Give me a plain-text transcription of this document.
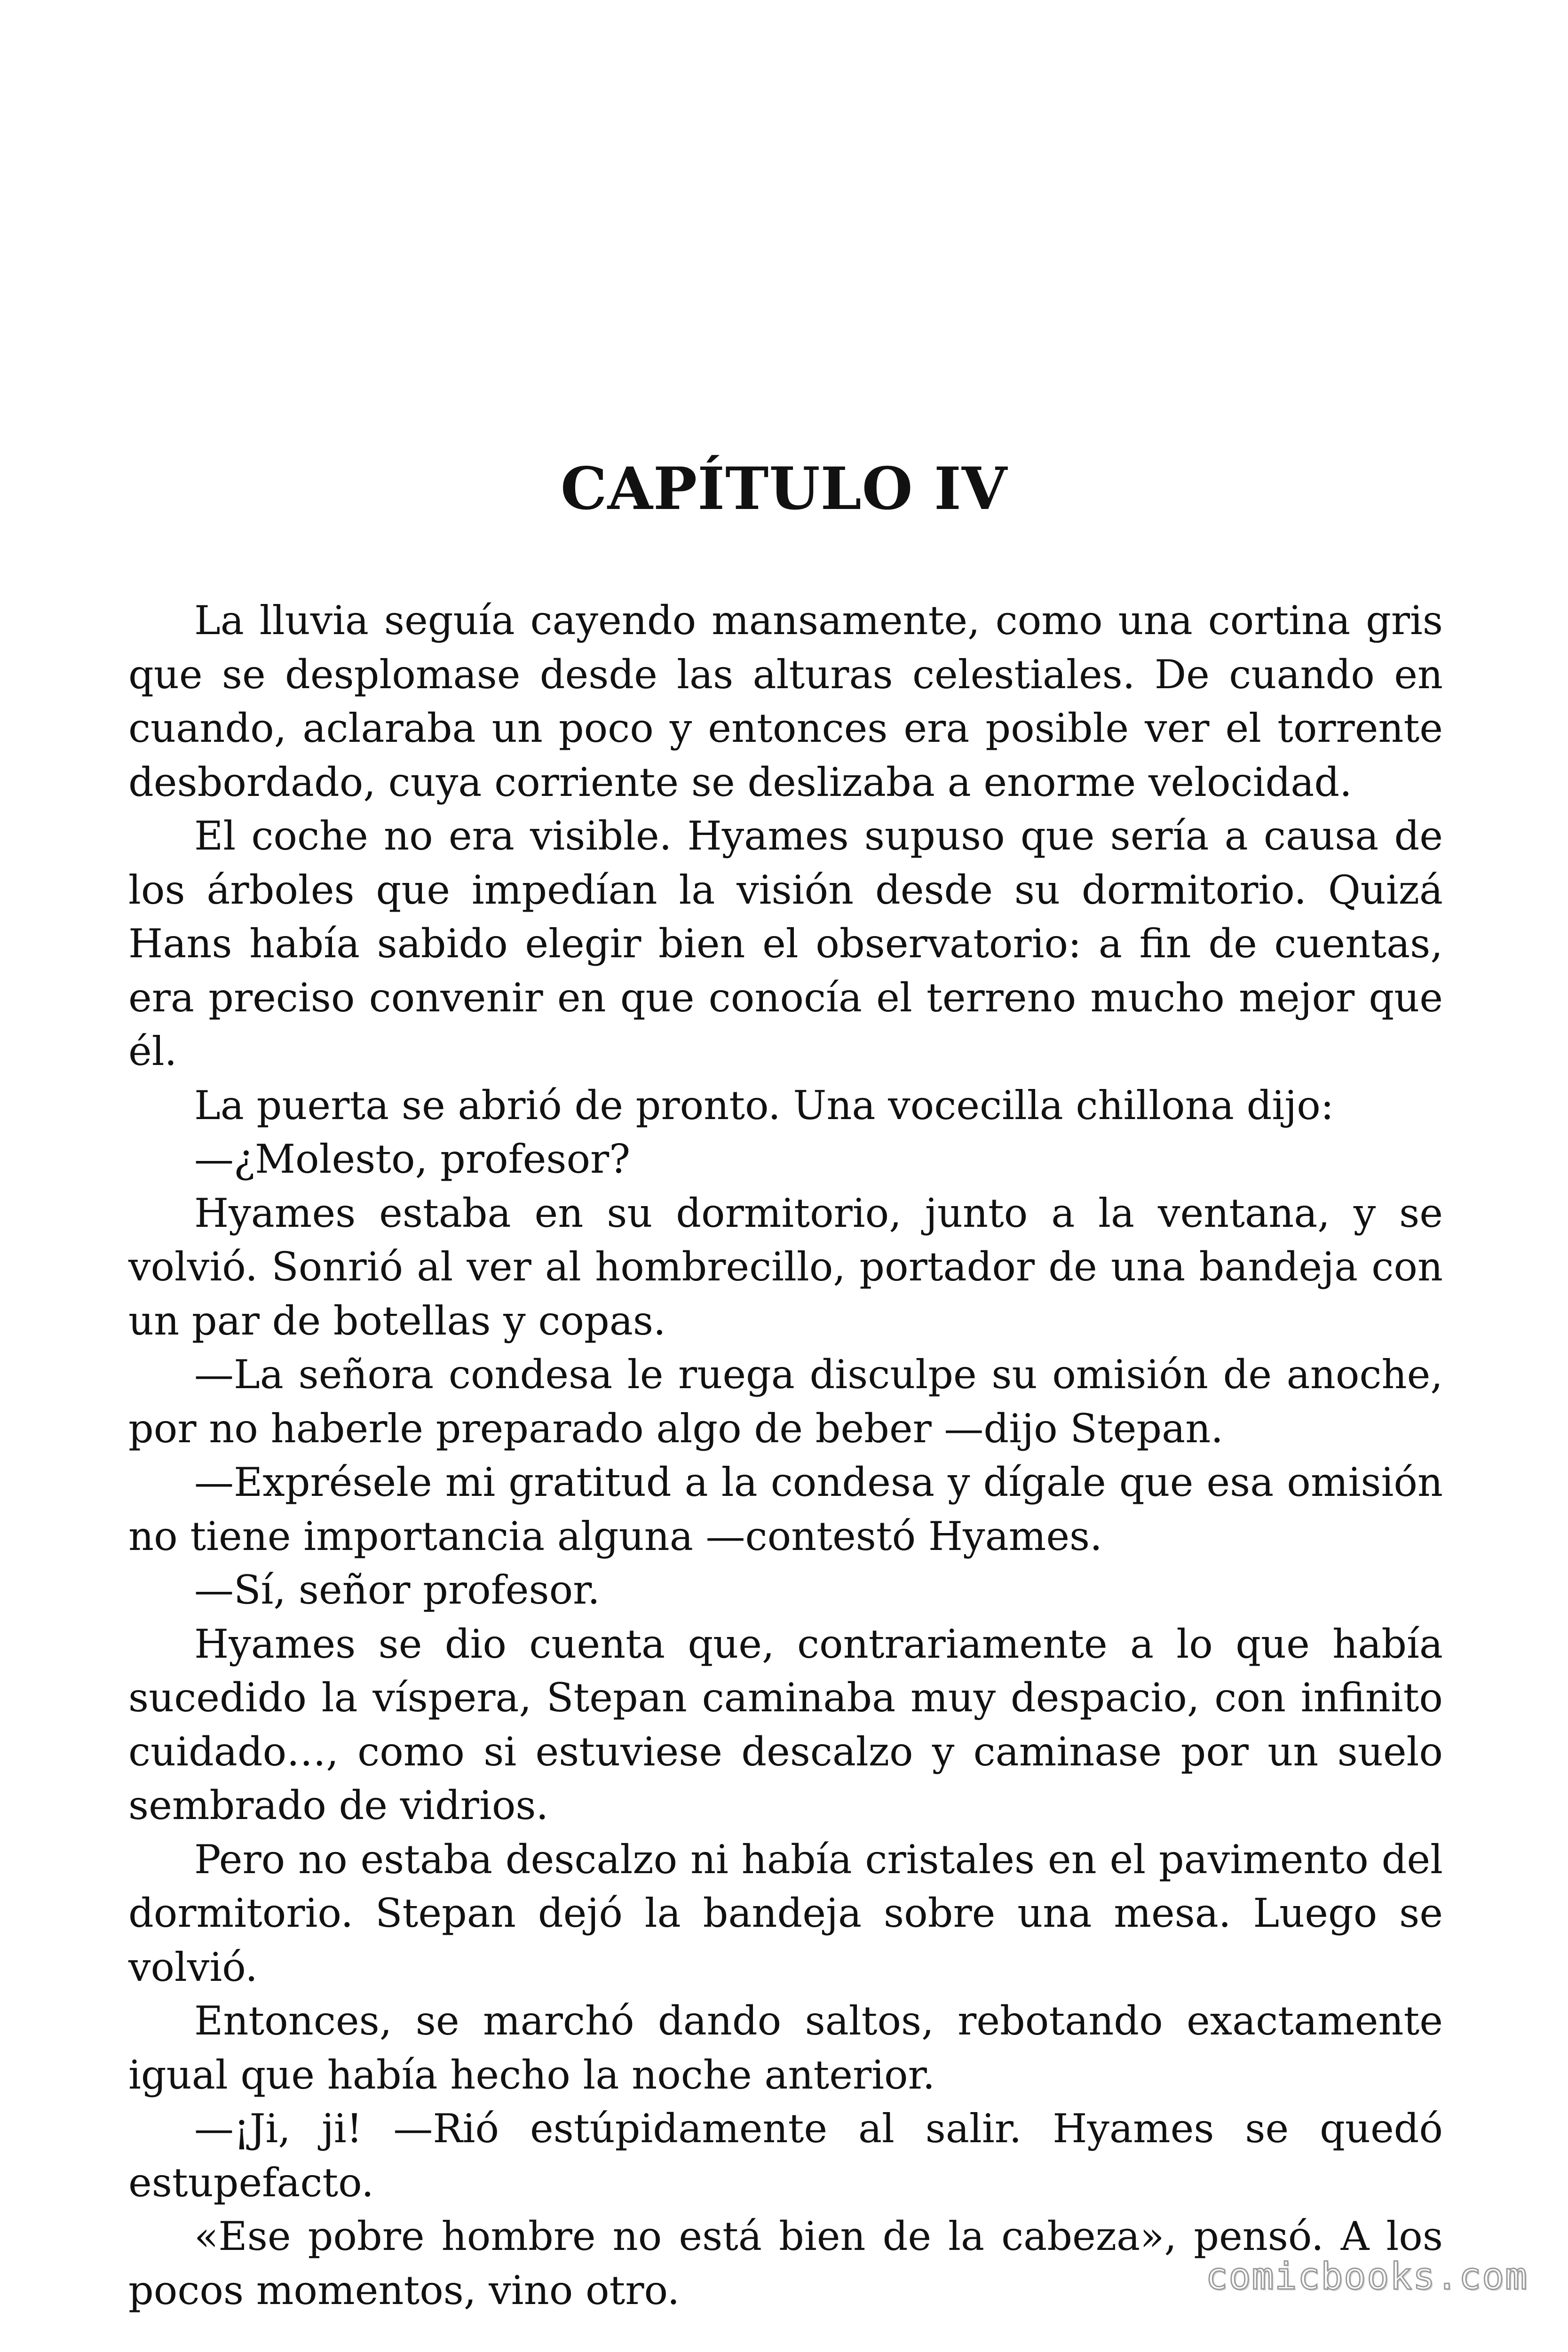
CAPÍTULO IV

La lluvia seguía cayendo mansamente, como una cortina gris que se desplomase desde las alturas celestiales. De cuando en cuando, aclaraba un poco y entonces era posible ver el torrente desbordado, cuya corriente se deslizaba a enorme velocidad.

El coche no era visible. Hyames supuso que sería a causa de los árboles que impedían la visión desde su dormitorio. Quizá Hans había sabido elegir bien el observatorio: a fin de cuentas, era preciso convenir en que conocía el terreno mucho mejor que él.

La puerta se abrió de pronto. Una vocecilla chillona dijo:

—¿Molesto, profesor?

Hyames estaba en su dormitorio, junto a la ventana, y se volvió. Sonrió al ver al hombrecillo, portador de una bandeja con un par de botellas y copas.

—La señora condesa le ruega disculpe su omisión de anoche, por no haberle preparado algo de beber —dijo Stepan.

—Exprésele mi gratitud a la condesa y dígale que esa omisión no tiene importancia alguna —contestó Hyames.

—Sí, señor profesor.

Hyames se dio cuenta que, contrariamente a lo que había sucedido la víspera, Stepan caminaba muy despacio, con infinito cuidado…, como si estuviese descalzo y caminase por un suelo sembrado de vidrios.

Pero no estaba descalzo ni había cristales en el pavimento del dormitorio. Stepan dejó la bandeja sobre una mesa. Luego se volvió.

Entonces, se marchó dando saltos, rebotando exactamente igual que había hecho la noche anterior.

—¡Ji, ji! —Rió estúpidamente al salir. Hyames se quedó estupefacto.

«Ese pobre hombre no está bien de la cabeza», pensó. A los pocos momentos, vino otro.	comicbooks.com
